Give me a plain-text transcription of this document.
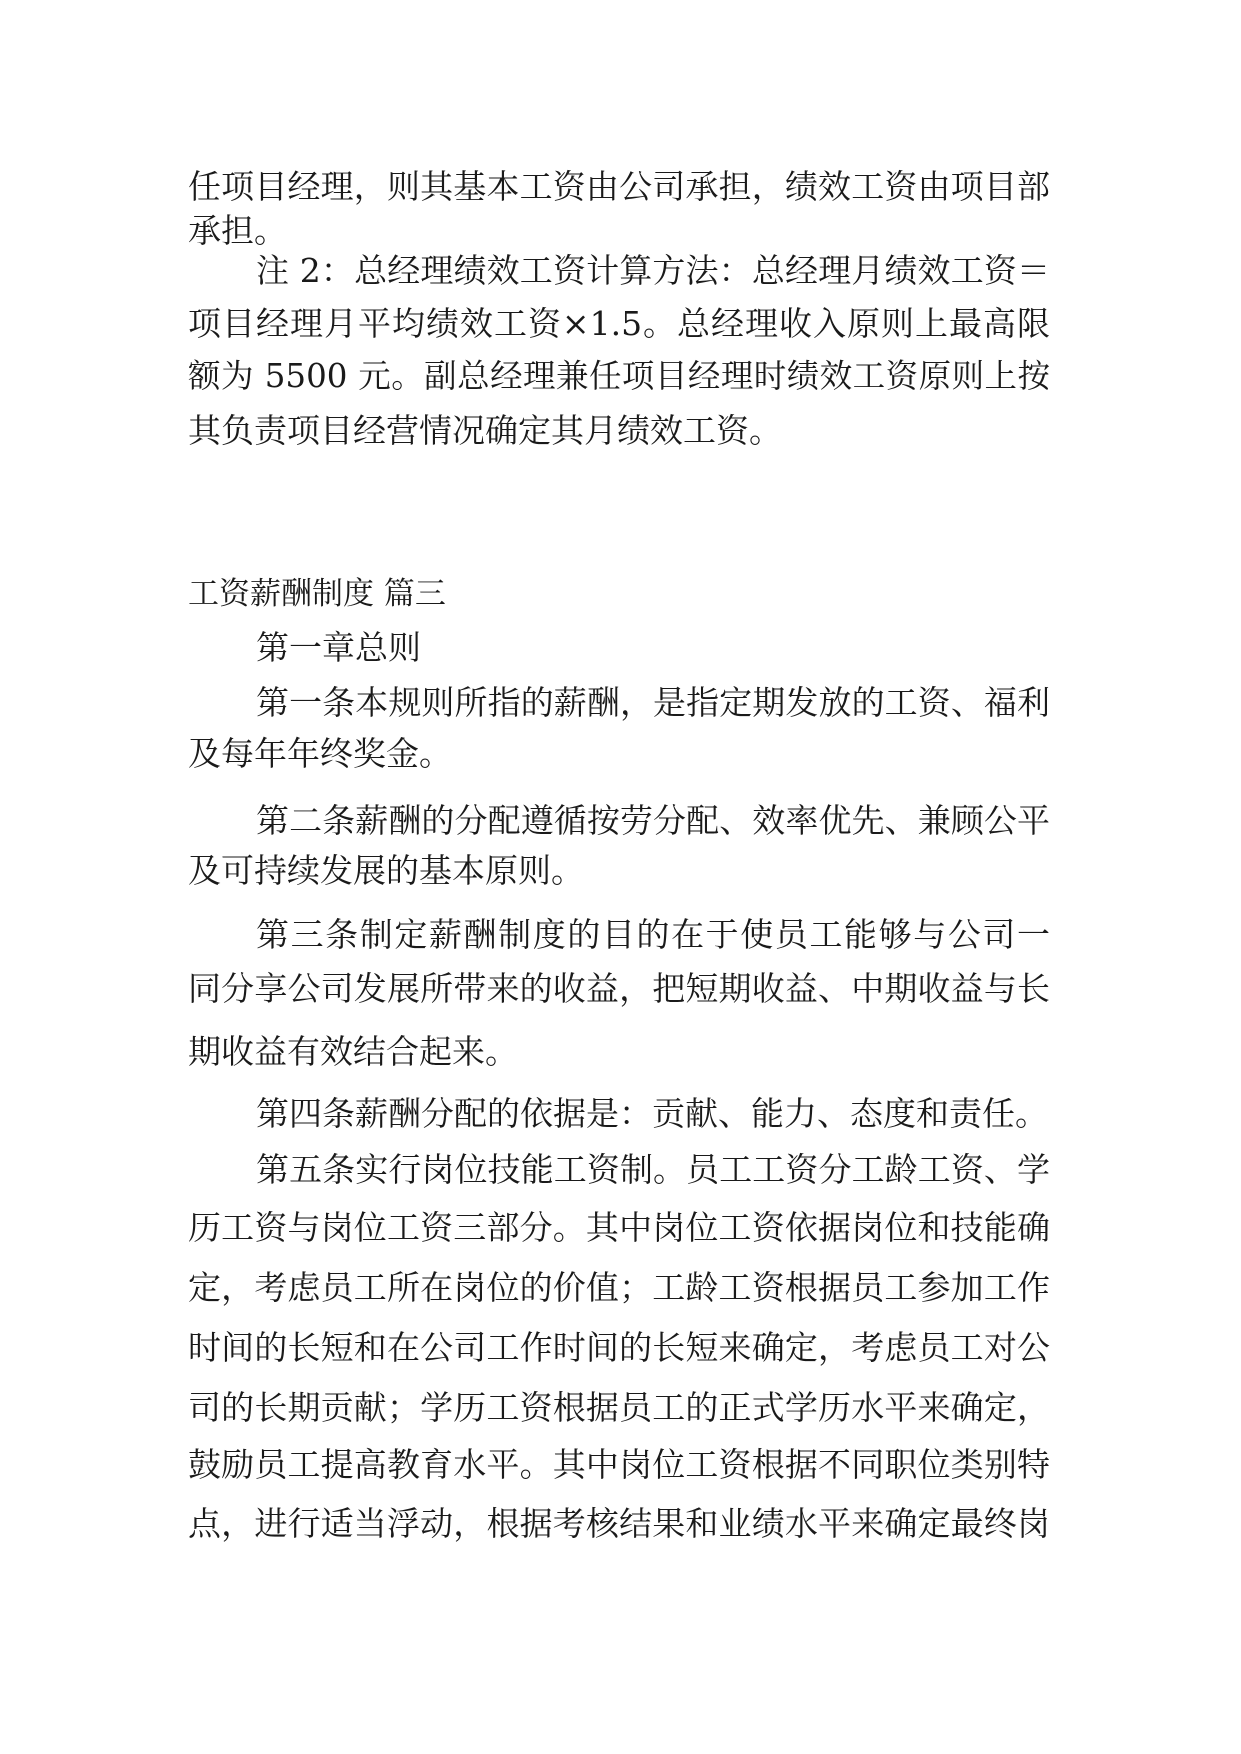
任项目经理，则其基本工资由公司承担，绩效工资由项目部
承担。
注 2：总经理绩效工资计算方法：总经理月绩效工资＝
项目经理月平均绩效工资×1.5。总经理收入原则上最高限
额为 5500 元。副总经理兼任项目经理时绩效工资原则上按
其负责项目经营情况确定其月绩效工资。
工资薪酬制度 篇三
第一章总则
第一条本规则所指的薪酬，是指定期发放的工资、福利
及每年年终奖金。
第二条薪酬的分配遵循按劳分配、效率优先、兼顾公平
及可持续发展的基本原则。
第三条制定薪酬制度的目的在于使员工能够与公司一
同分享公司发展所带来的收益，把短期收益、中期收益与长
期收益有效结合起来。
第四条薪酬分配的依据是：贡献、能力、态度和责任。
第五条实行岗位技能工资制。员工工资分工龄工资、学
历工资与岗位工资三部分。其中岗位工资依据岗位和技能确
定，考虑员工所在岗位的价值；工龄工资根据员工参加工作
时间的长短和在公司工作时间的长短来确定，考虑员工对公
司的长期贡献；学历工资根据员工的正式学历水平来确定，
鼓励员工提高教育水平。其中岗位工资根据不同职位类别特
点，进行适当浮动，根据考核结果和业绩水平来确定最终岗
